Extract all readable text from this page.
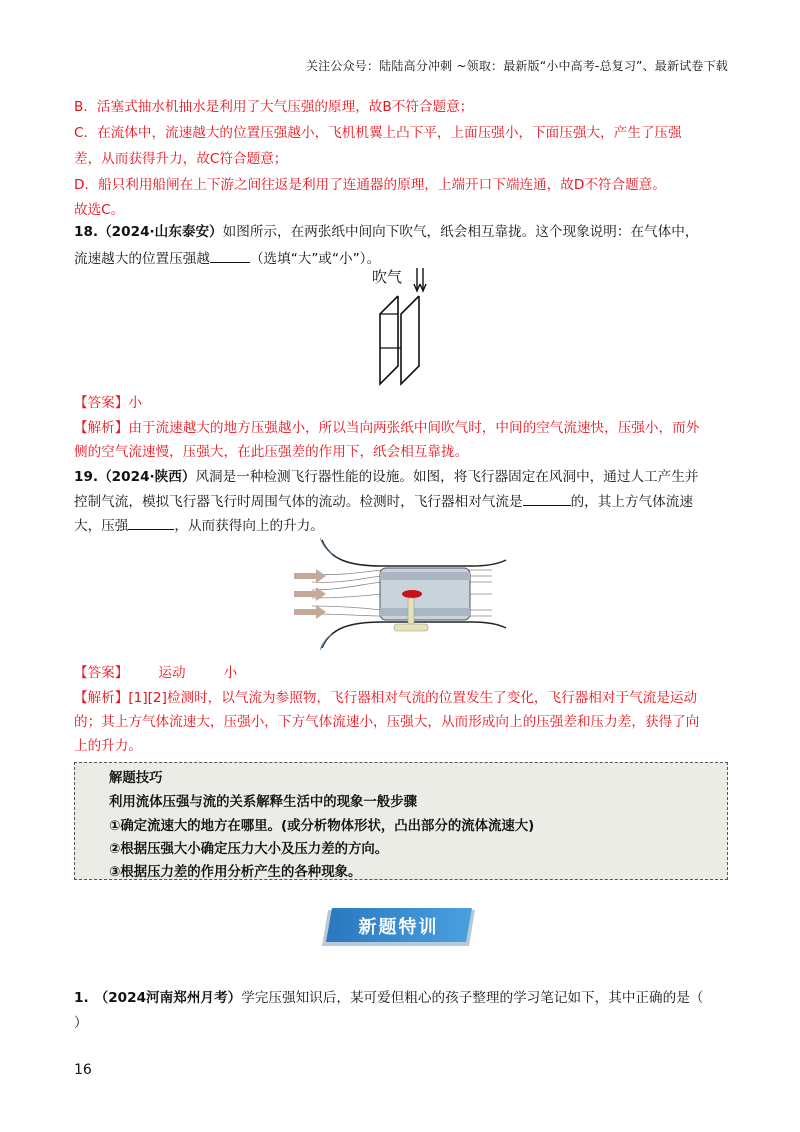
关注公众号：陆陆高分冲刺 ~领取：最新版“小中高考-总复习”、最新试卷下载
B．活塞式抽水机抽水是利用了大气压强的原理，故B不符合题意；
C．在流体中，流速越大的位置压强越小，飞机机翼上凸下平，上面压强小，下面压强大，产生了压强
差，从而获得升力，故C符合题意；
D．船只利用船闸在上下游之间往返是利用了连通器的原理，上端开口下端连通，故D不符合题意。
故选C。
18.（2024·山东泰安）如图所示，在两张纸中间向下吹气，纸会相互靠拢。这个现象说明：在气体中，
流速越大的位置压强越	（选填“大”或“小”）。
吹气
【答案】小
【解析】由于流速越大的地方压强越小，所以当向两张纸中间吹气时，中间的空气流速快，压强小，而外
侧的空气流速慢，压强大，在此压强差的作用下，纸会相互靠拢。
19.（2024·陕西）风洞是一种检测飞行器性能的设施。如图，将飞行器固定在风洞中，通过人工产生并
控制气流，模拟飞行器飞行时周围气体的流动。检测时，飞行器相对气流是	的，其上方气体流速
大，压强	，从而获得向上的升力。
【答案】 运动	小
【解析】[1][2]检测时，以气流为参照物，飞行器相对气流的位置发生了变化，飞行器相对于气流是运动
的；其上方气体流速大，压强小，下方气体流速小，压强大，从而形成向上的压强差和压力差，获得了向
上的升力。
解题技巧
利用流体压强与流的关系解释生活中的现象一般步骤
①确定流速大的地方在哪里。(或分析物体形状，凸出部分的流体流速大)
②根据压强大小确定压力大小及压力差的方向。
③根据压力差的作用分析产生的各种现象。
新题特训
1. （2024河南郑州月考）学完压强知识后，某可爱但粗心的孩子整理的学习笔记如下，其中正确的是（
）
16
